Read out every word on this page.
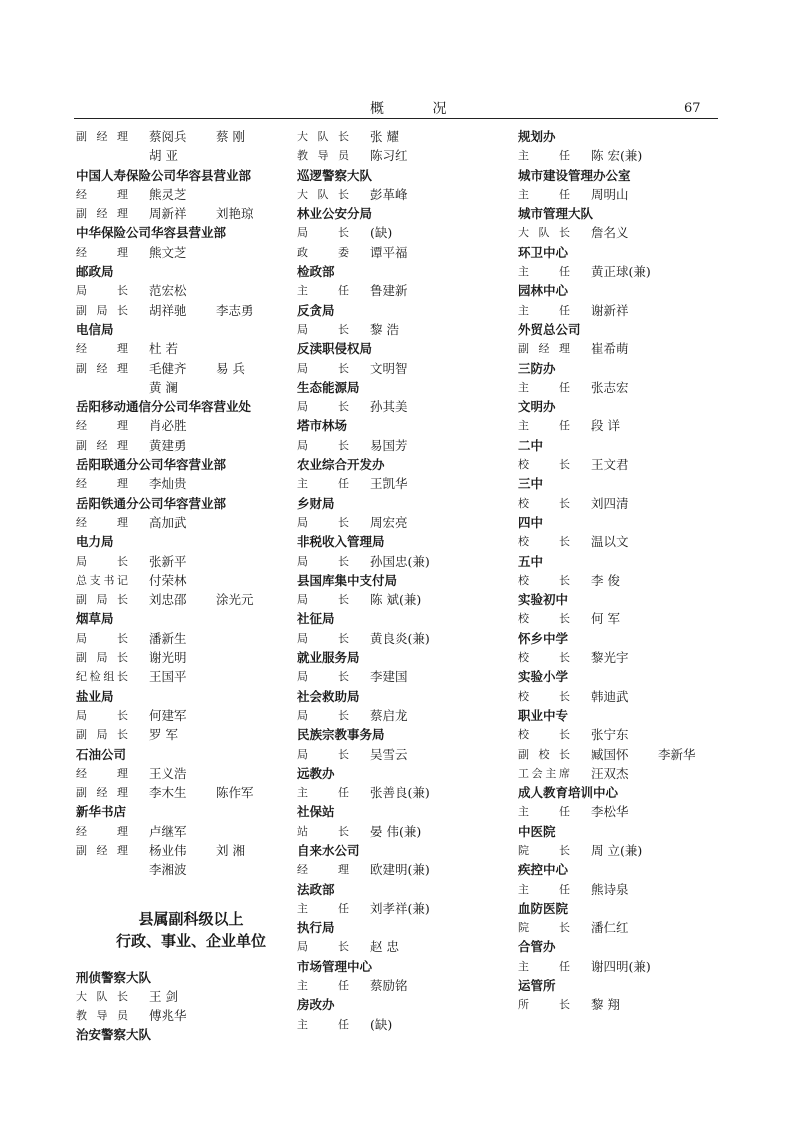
概 况	67
副 经 理 蔡阅兵 蔡 刚
胡 亚
中国人寿保险公司华容县营业部
经 理 熊灵芝
副 经 理 周新祥 刘艳琼
中华保险公司华容县营业部
经 理 熊文芝
邮政局
局 长 范宏松
副 局 长 胡祥驰 李志勇
电信局
经 理 杜 若
副 经 理 毛健齐 易 兵
黄 澜
岳阳移动通信分公司华容营业处
经 理 肖必胜
副 经 理 黄建勇
岳阳联通分公司华容营业部
经 理 李灿贵
岳阳铁通分公司华容营业部
经 理 高加武
电力局
局 长 张新平
总支书记 付荣林
副 局 长 刘忠邵 涂光元
烟草局
局 长 潘新生
副 局 长 谢光明
纪检组长 王国平
盐业局
局 长 何建军
副 局 长 罗 军
石油公司
经 理 王义浩
副 经 理 李木生 陈作军
新华书店
经 理 卢继军
副 经 理 杨业伟 刘 湘
李湘波
县属副科级以上
行政、事业、企业单位
刑侦警察大队
大 队 长 王 剑
教 导 员 傅兆华
治安警察大队
大 队 长 张 耀
教 导 员 陈习红
巡逻警察大队
大 队 长 彭革峰
林业公安分局
局 长 (缺)
政 委 谭平福
检政部
主 任 鲁建新
反贪局
局 长 黎 浩
反渎职侵权局
局 长 文明智
生态能源局
局 长 孙其美
塔市林场
局 长 易国芳
农业综合开发办
主 任 王凯华
乡财局
局 长 周宏亮
非税收入管理局
局 长 孙国忠(兼)
县国库集中支付局
局 长 陈 斌(兼)
社征局
局 长 黄良炎(兼)
就业服务局
局 长 李建国
社会救助局
局 长 蔡启龙
民族宗教事务局
局 长 吴雪云
远教办
主 任 张善良(兼)
社保站
站 长 晏 伟(兼)
自来水公司
经 理 欧建明(兼)
法政部
主 任 刘孝祥(兼)
执行局
局 长 赵 忠
市场管理中心
主 任 蔡励铭
房改办
主 任 (缺)
规划办
主 任 陈 宏(兼)
城市建设管理办公室
主 任 周明山
城市管理大队
大 队 长 詹名义
环卫中心
主 任 黄正球(兼)
园林中心
主 任 谢新祥
外贸总公司
副 经 理 崔希萌
三防办
主 任 张志宏
文明办
主 任 段 详
二中
校 长 王文君
三中
校 长 刘四清
四中
校 长 温以文
五中
校 长 李 俊
实验初中
校 长 何 军
怀乡中学
校 长 黎光宇
实验小学
校 长 韩迪武
职业中专
校 长 张宁东
副 校 长 臧国怀 李新华
工会主席 汪双杰
成人教育培训中心
主 任 李松华
中医院
院 长 周 立(兼)
疾控中心
主 任 熊诗泉
血防医院
院 长 潘仁红
合管办
主 任 谢四明(兼)
运管所
所 长 黎 翔
